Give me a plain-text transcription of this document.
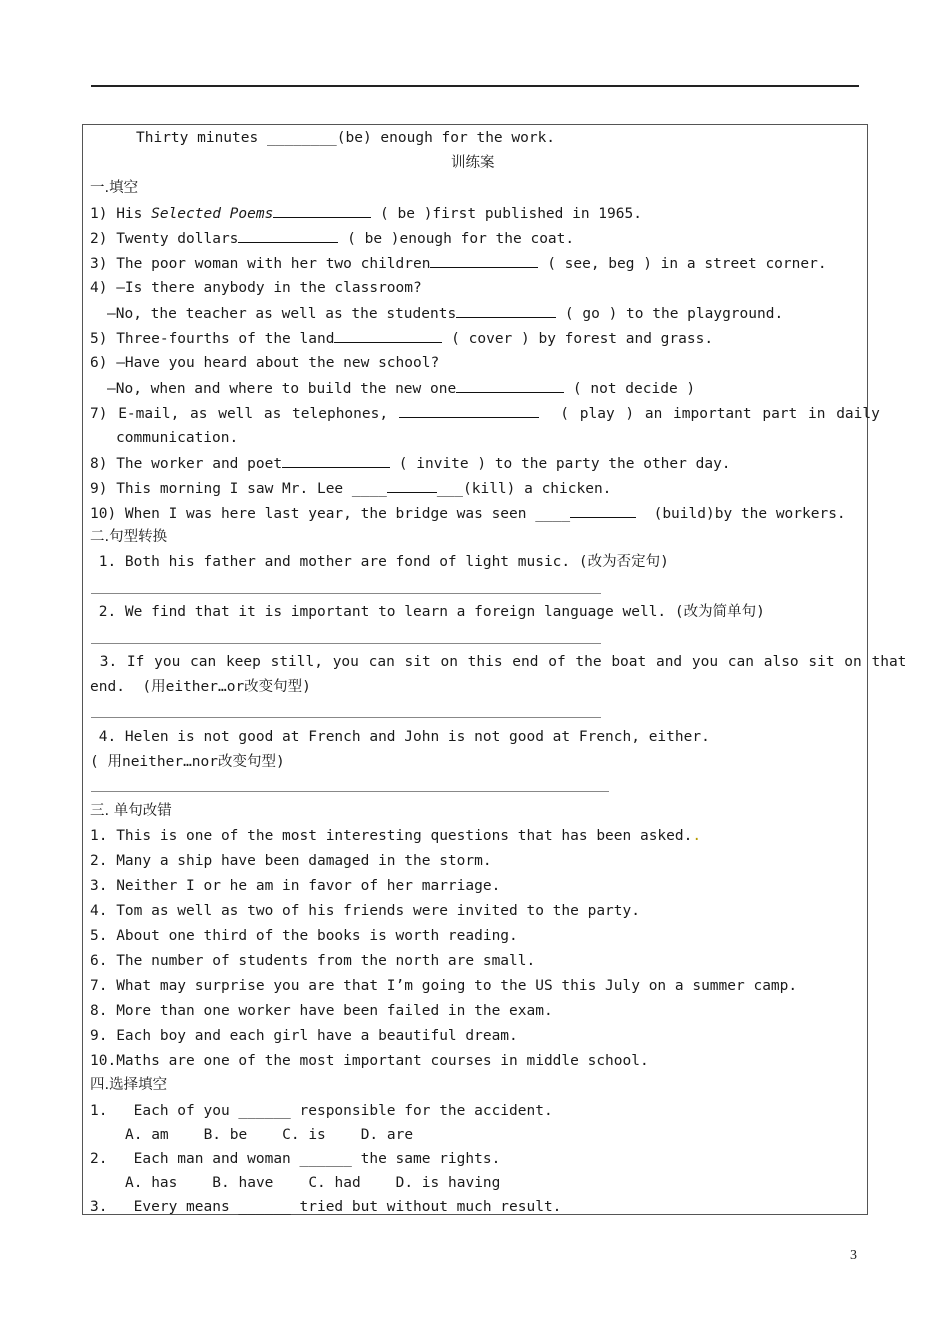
Thirty minutes ________(be) enough for the work.
训练案
一.填空
1) His Selected Poems	( be )first published in 1965.
2) Twenty dollars	( be )enough for the coat.
3) The poor woman with her two children	( see, beg ) in a street corner.
4) —Is there anybody in the classroom?
—No, the teacher as well as the students	( go ) to the playground.
5) Three-fourths of the land	( cover ) by forest and grass.
6) —Have you heard about the new school?
—No, when and where to build the new one	( not decide )
7) E-mail, as well as telephones,	( play ) an important part in daily
communication.
8) The worker and poet	( invite ) to the party the other day.
9) This morning I saw Mr. Lee ____	___(kill) a chicken.
10) When I was here last year, the bridge was seen ____	(build)by the workers.
二.句型转换
1. Both his father and mother are fond of light music. (改为否定句)
2. We find that it is important to learn a foreign language well. (改为简单句)
3. If you can keep still, you can sit on this end of the boat and you can also sit on that
end.  (用either…or改变句型)
4. Helen is not good at French and John is not good at French, either.
( 用neither…nor改变句型)
三. 单句改错
1. This is one of the most interesting questions that has been asked..
2. Many a ship have been damaged in the storm.
3. Neither I or he am in favor of her marriage.
4. Tom as well as two of his friends were invited to the party.
5. About one third of the books is worth reading.
6. The number of students from the north are small.
7. What may surprise you are that I’m going to the US this July on a summer camp.
8. More than one worker have been failed in the exam.
9. Each boy and each girl have a beautiful dream.
10.Maths are one of the most important courses in middle school.
四.选择填空
1.   Each of you ______ responsible for the accident.
A. am    B. be    C. is    D. are
2.   Each man and woman ______ the same rights.
A. has    B. have    C. had    D. is having
3.   Every means ______ tried but without much result.
3
